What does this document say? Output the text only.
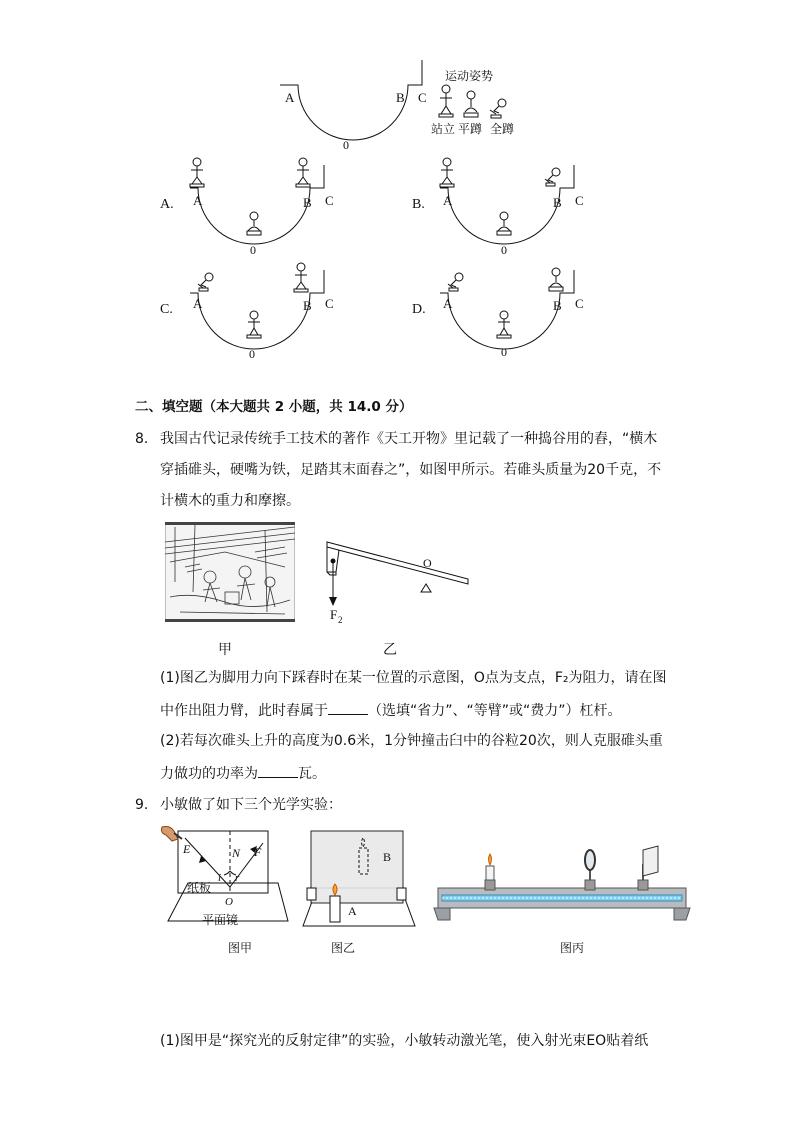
A	B C
0
运动姿势
站立 平蹲 全蹲
A. A	B C
0
B. A	B C
0
C. A	B C
0
D. A	B C
0
二、填空题（本大题共 2 小题，共 14.0 分）
8. 我国古代记录传统手工技术的著作《天工开物》里记载了一种捣谷用的舂，“横木
穿插碓头，硬嘴为铁，足踏其末面舂之”，如图甲所示。若碓头质量为20千克，不
计横木的重力和摩擦。
甲
O
F 2
乙
(1)图乙为脚用力向下踩舂时在某一位置的示意图，O点为支点，F₂为阻力，请在图
中作出阻力臂，此时舂属于	（选填“省力”、“等臂”或“费力”）杠杆。
(2)若每次碓头上升的高度为0.6米，1分钟撞击臼中的谷粒20次，则人克服碓头重
力做功的功率为	瓦。
9. 小敏做了如下三个光学实验：
E	N F
i r
O
纸板
平面镜
图甲
A
B
图乙	图丙
(1)图甲是“探究光的反射定律”的实验，小敏转动激光笔，使入射光束EO贴着纸
